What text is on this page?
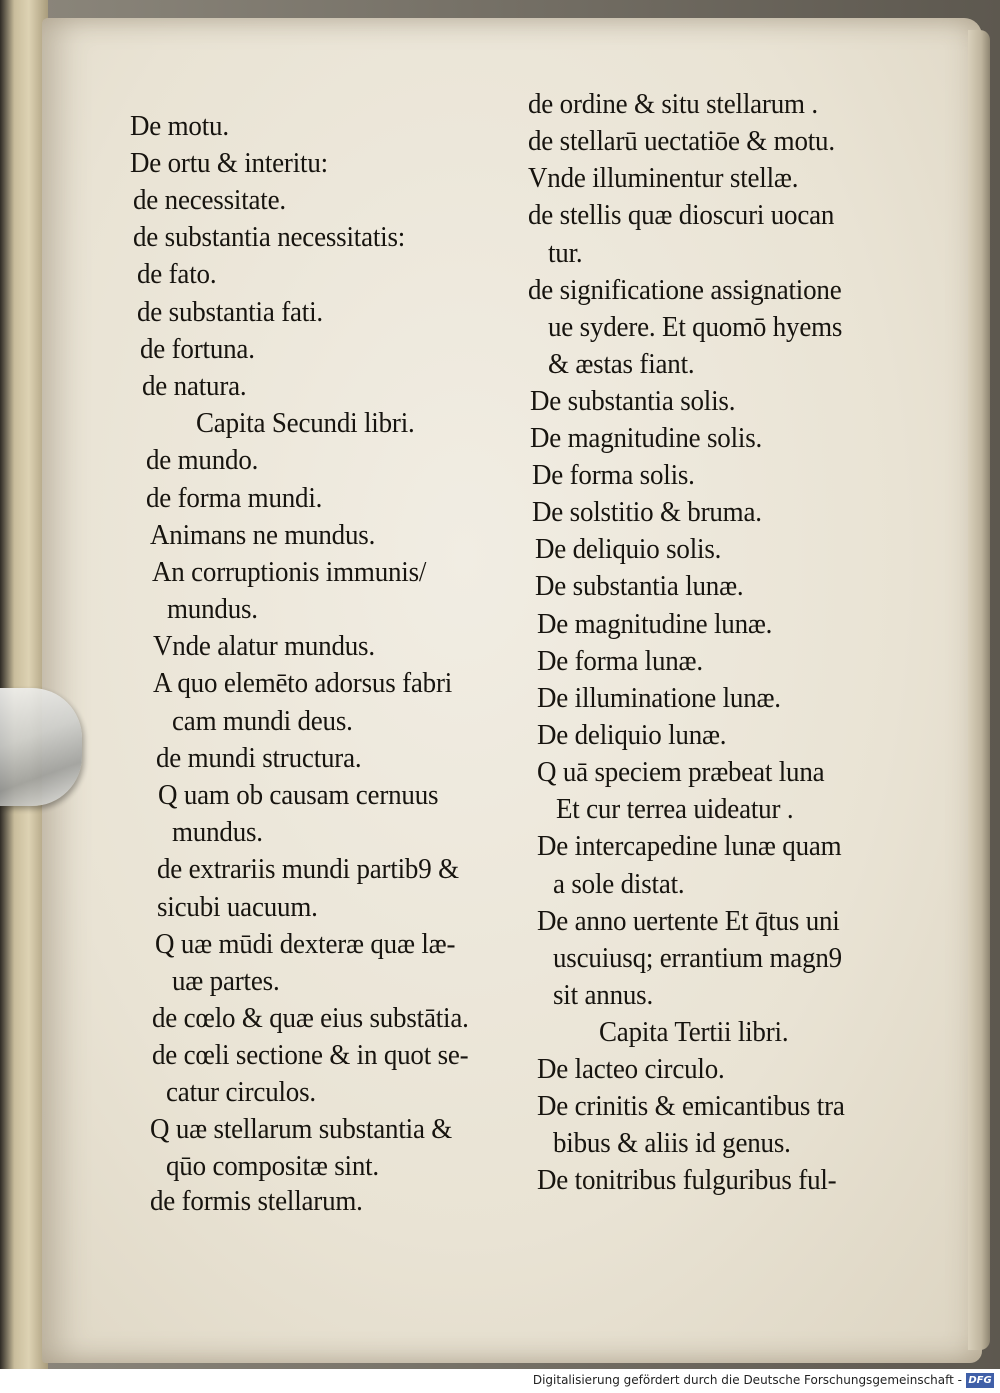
De motu.
De ortu & interitu:
de necessitate.
de substantia necessitatis:
de fato.
de substantia fati.
de fortuna.
de natura.
Capita Secundi libri.
de mundo.
de forma mundi.
Animans ne mundus.
An corruptionis immunis/
mundus.
Vnde alatur mundus.
A quo elemēto adorsus fabri
cam mundi deus.
de mundi structura.
Q uam ob causam cernuus
mundus.
de extrariis mundi partib9 &
sicubi uacuum.
Q uæ mūdi dexteræ quæ læ-
uæ partes.
de cœlo & quæ eius substātia.
de cœli sectione & in quot se-
catur circulos.
Q uæ stellarum substantia &
qūo compositæ sint.
de formis stellarum.
de ordine & situ stellarum .
de stellarū uectatiōe & motu.
Vnde illuminentur stellæ.
de stellis quæ dioscuri uocan
tur.
de significatione assignatione
ue sydere. Et quomō hyems
& æstas fiant.
De substantia solis.
De magnitudine solis.
De forma solis.
De solstitio & bruma.
De deliquio solis.
De substantia lunæ.
De magnitudine lunæ.
De forma lunæ.
De illuminatione lunæ.
De deliquio lunæ.
Q uā speciem præbeat luna
Et cur terrea uideatur .
De intercapedine lunæ quam
a sole distat.
De anno uertente Et q̄tus uni
uscuiusq; errantium magn9
sit annus.
Capita Tertii libri.
De lacteo circulo.
De crinitis & emicantibus tra
bibus & aliis id genus.
De tonitribus fulguribus ful-
Digitalisierung gefördert durch die Deutsche Forschungsgemeinschaft - DFG
